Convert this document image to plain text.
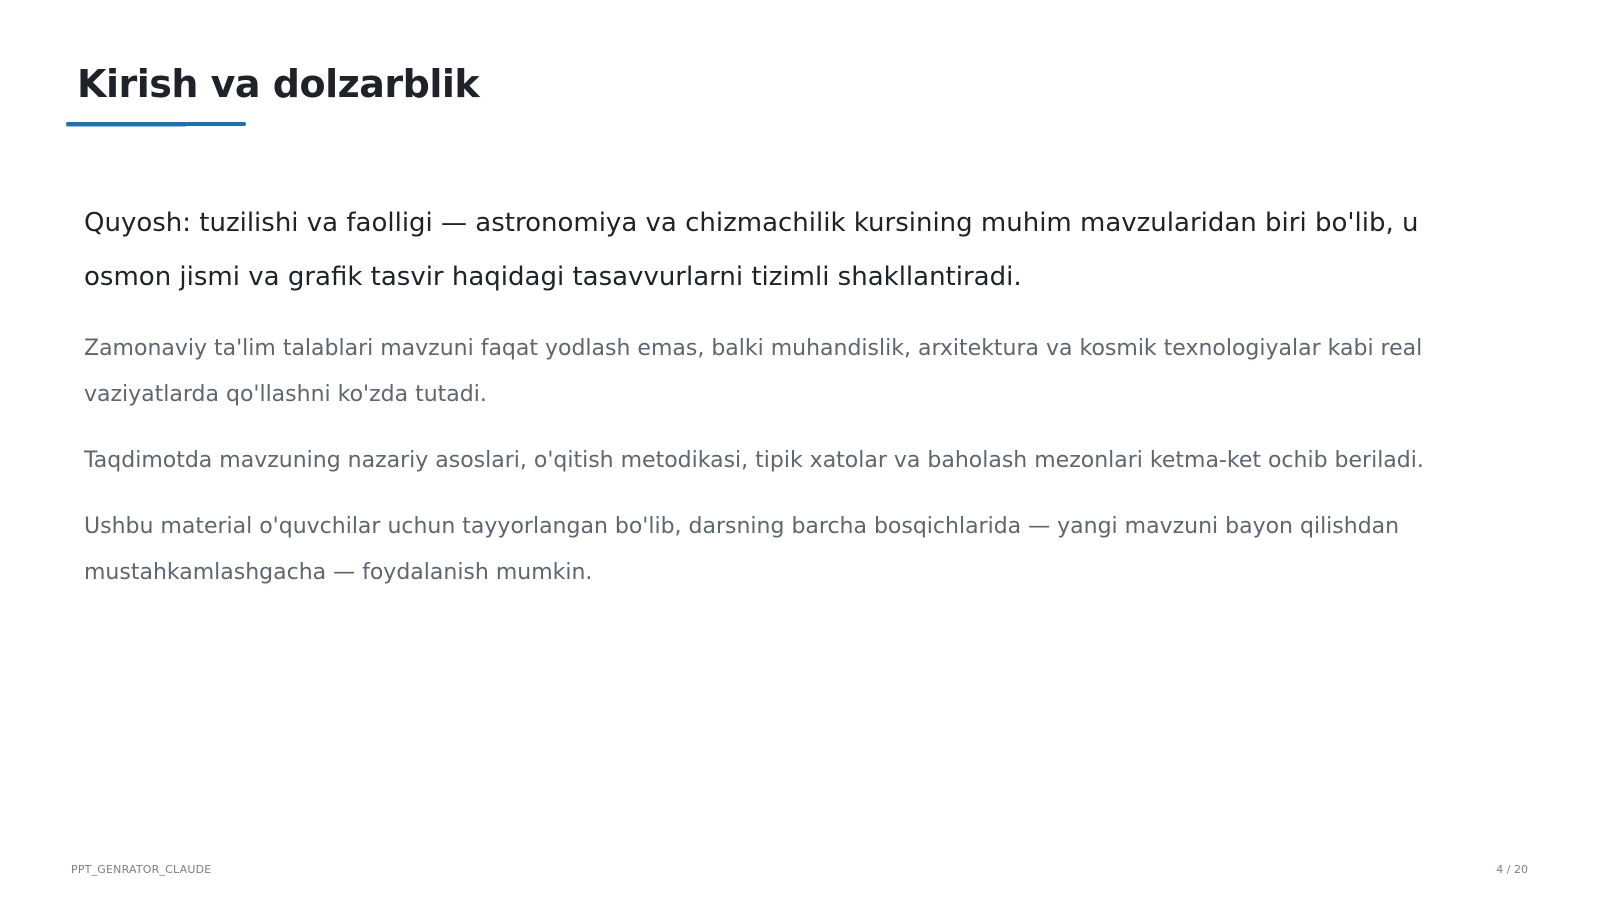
Kirish va dolzarblik

Quyosh: tuzilishi va faolligi — astronomiya va chizmachilik kursining muhim mavzularidan biri bo'lib, u osmon jismi va grafik tasvir haqidagi tasavvurlarni tizimli shakllantiradi.

Zamonaviy ta'lim talablari mavzuni faqat yodlash emas, balki muhandislik, arxitektura va kosmik texnologiyalar kabi real vaziyatlarda qo'llashni ko'zda tutadi.

Taqdimotda mavzuning nazariy asoslari, o'qitish metodikasi, tipik xatolar va baholash mezonlari ketma-ket ochib beriladi.

Ushbu material o'quvchilar uchun tayyorlangan bo'lib, darsning barcha bosqichlarida — yangi mavzuni bayon qilishdan mustahkamlashgacha — foydalanish mumkin.

PPT_GENRATOR_CLAUDE	4 / 20
